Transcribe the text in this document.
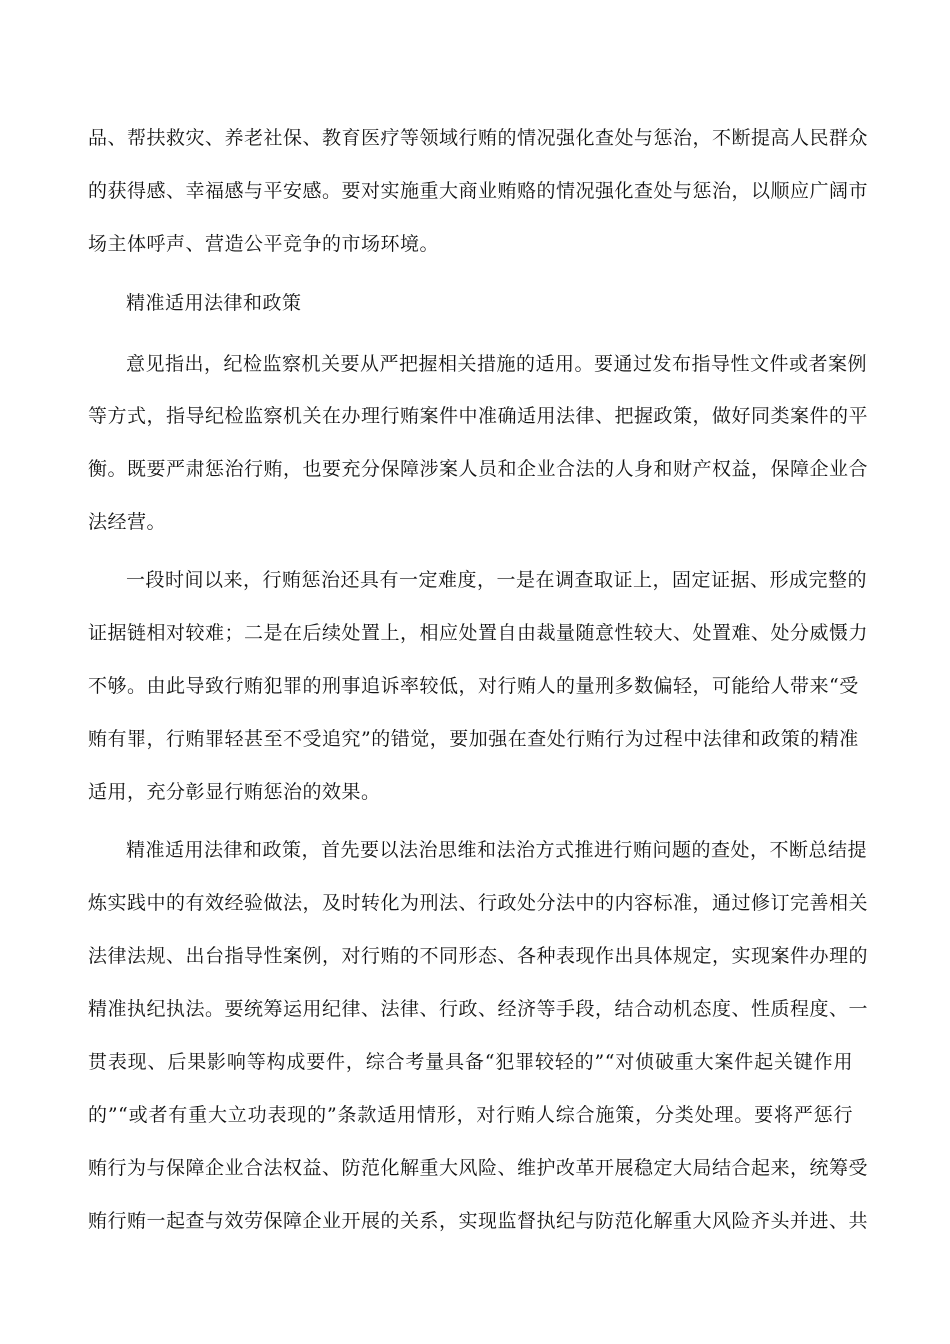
品、帮扶救灾、养老社保、教育医疗等领域行贿的情况强化查处与惩治，不断提高人民群众
的获得感、幸福感与平安感。要对实施重大商业贿赂的情况强化查处与惩治，以顺应广阔市
场主体呼声、营造公平竞争的市场环境。
精准适用法律和政策
意见指出，纪检监察机关要从严把握相关措施的适用。要通过发布指导性文件或者案例
等方式，指导纪检监察机关在办理行贿案件中准确适用法律、把握政策，做好同类案件的平
衡。既要严肃惩治行贿，也要充分保障涉案人员和企业合法的人身和财产权益，保障企业合
法经营。
一段时间以来，行贿惩治还具有一定难度，一是在调查取证上，固定证据、形成完整的
证据链相对较难；二是在后续处置上，相应处置自由裁量随意性较大、处置难、处分威慑力
不够。由此导致行贿犯罪的刑事追诉率较低，对行贿人的量刑多数偏轻，可能给人带来“受
贿有罪，行贿罪轻甚至不受追究”的错觉，要加强在查处行贿行为过程中法律和政策的精准
适用，充分彰显行贿惩治的效果。
精准适用法律和政策，首先要以法治思维和法治方式推进行贿问题的查处，不断总结提
炼实践中的有效经验做法，及时转化为刑法、行政处分法中的内容标准，通过修订完善相关
法律法规、出台指导性案例，对行贿的不同形态、各种表现作出具体规定，实现案件办理的
精准执纪执法。要统筹运用纪律、法律、行政、经济等手段，结合动机态度、性质程度、一
贯表现、后果影响等构成要件，综合考量具备“犯罪较轻的”“对侦破重大案件起关键作用
的”“或者有重大立功表现的”条款适用情形，对行贿人综合施策，分类处理。要将严惩行
贿行为与保障企业合法权益、防范化解重大风险、维护改革开展稳定大局结合起来，统筹受
贿行贿一起查与效劳保障企业开展的关系，实现监督执纪与防范化解重大风险齐头并进、共
